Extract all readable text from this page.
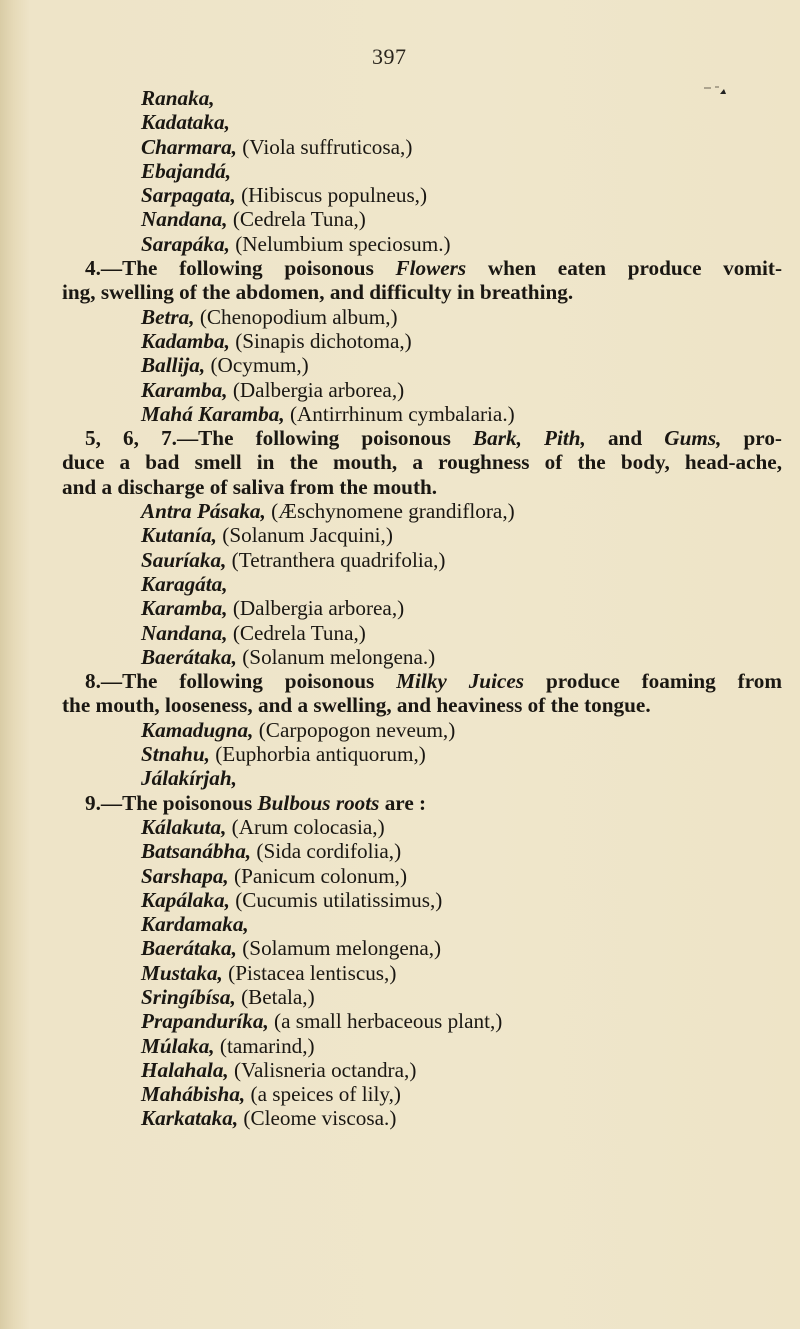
397
Ranaka,
Kadataka,
Charmara, (Viola suffruticosa,)
Ebajandá,
Sarpagata, (Hibiscus populneus,)
Nandana, (Cedrela Tuna,)
Sarapáka, (Nelumbium speciosum.)
4.—The following poisonous Flowers when eaten produce vomit-
ing, swelling of the abdomen, and difficulty in breathing.
Betra, (Chenopodium album,)
Kadamba, (Sinapis dichotoma,)
Ballija, (Ocymum,)
Karamba, (Dalbergia arborea,)
Mahá Karamba, (Antirrhinum cymbalaria.)
5, 6, 7.—The following poisonous Bark, Pith, and Gums, pro-
duce a bad smell in the mouth, a roughness of the body, head-ache,
and a discharge of saliva from the mouth.
Antra Pásaka, (Æschynomene grandiflora,)
Kutanía, (Solanum Jacquini,)
Sauríaka, (Tetranthera quadrifolia,)
Karagáta,
Karamba, (Dalbergia arborea,)
Nandana, (Cedrela Tuna,)
Baerátaka, (Solanum melongena.)
8.—The following poisonous Milky Juices produce foaming from
the mouth, looseness, and a swelling, and heaviness of the tongue.
Kamadugna, (Carpopogon neveum,)
Stnahu, (Euphorbia antiquorum,)
Jálakírjah,
9.—The poisonous Bulbous roots are :
Kálakuta, (Arum colocasia,)
Batsanábha, (Sida cordifolia,)
Sarshapa, (Panicum colonum,)
Kapálaka, (Cucumis utilatissimus,)
Kardamaka,
Baerátaka, (Solamum melongena,)
Mustaka, (Pistacea lentiscus,)
Sringíbísa, (Betala,)
Prapanduríka, (a small herbaceous plant,)
Múlaka, (tamarind,)
Halahala, (Valisneria octandra,)
Mahábisha, (a speices of lily,)
Karkataka, (Cleome viscosa.)
